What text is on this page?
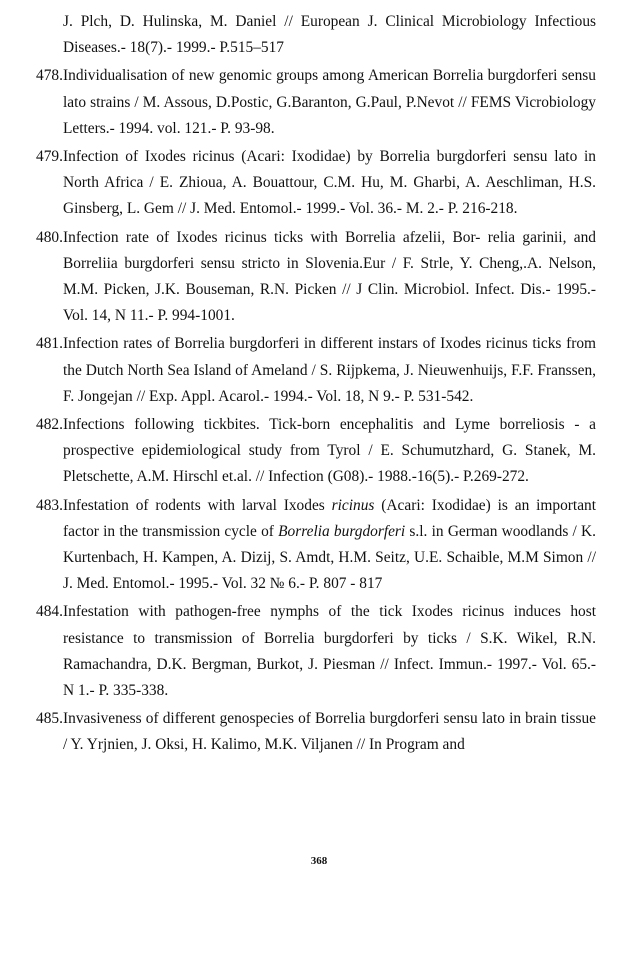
J. Plch, D. Hulinska, M. Daniel // European J. Clinical Microbiology Infectious Diseases.- 18(7).- 1999.- P.515–517
478. Individualisation of new genomic groups among American Borrelia burgdorferi sensu lato strains / M. Assous, D.Postic, G.Baranton, G.Paul, P.Nevot // FEMS Vicrobiology Letters.- 1994. vol. 121.- P. 93-98.
479. Infection of Ixodes ricinus (Acari: Ixodidae) by Borrelia burgdorferi sensu lato in North Africa / E. Zhioua, A. Bouattour, C.M. Hu, M. Gharbi, A. Aeschliman, H.S. Ginsberg, L. Gem // J. Med. Entomol.- 1999.- Vol. 36.- M. 2.- P. 216-218.
480. Infection rate of Ixodes ricinus ticks with Borrelia afzelii, Bor- relia garinii, and Borreliia burgdorferi sensu stricto in Slovenia.Eur / F. Strle, Y. Cheng,.A. Nelson, M.M. Picken, J.K. Bouseman, R.N. Picken // J Clin. Microbiol. Infect. Dis.- 1995.- Vol. 14, N 11.- P. 994-1001.
481. Infection rates of Borrelia burgdorferi in different instars of Ixodes ricinus ticks from the Dutch North Sea Island of Ameland / S. Rijpkema, J. Nieuwenhuijs, F.F. Franssen, F. Jongejan // Exp. Appl. Acarol.- 1994.- Vol. 18, N 9.- P. 531-542.
482. Infections following tickbites. Tick-born encephalitis and Lyme borreliosis - a prospective epidemiological study from Tyrol / E. Schumutzhard, G. Stanek, M. Pletschette, A.M. Hirschl et.al. // Infection (G08).- 1988.-16(5).- P.269-272.
483. Infestation of rodents with larval Ixodes ricinus (Acari: Ixodidae) is an important factor in the transmission cycle of Borrelia burgdorferi s.l. in German woodlands / K. Kurtenbach, H. Kampen, A. Dizij, S. Amdt, H.M. Seitz, U.E. Schaible, M.M Simon // J. Med. Entomol.- 1995.- Vol. 32 № 6.- P. 807 - 817
484. Infestation with pathogen-free nymphs of the tick Ixodes ricinus induces host resistance to transmission of Borrelia burgdorferi by ticks / S.K. Wikel, R.N. Ramachandra, D.K. Bergman, Burkot, J. Piesman // Infect. Immun.- 1997.- Vol. 65.- N 1.- P. 335-338.
485. Invasiveness of different genospecies of Borrelia burgdorferi sensu lato in brain tissue / Y. Yrjnien, J. Oksi, H. Kalimo, M.K. Viljanen // In Program and
368
